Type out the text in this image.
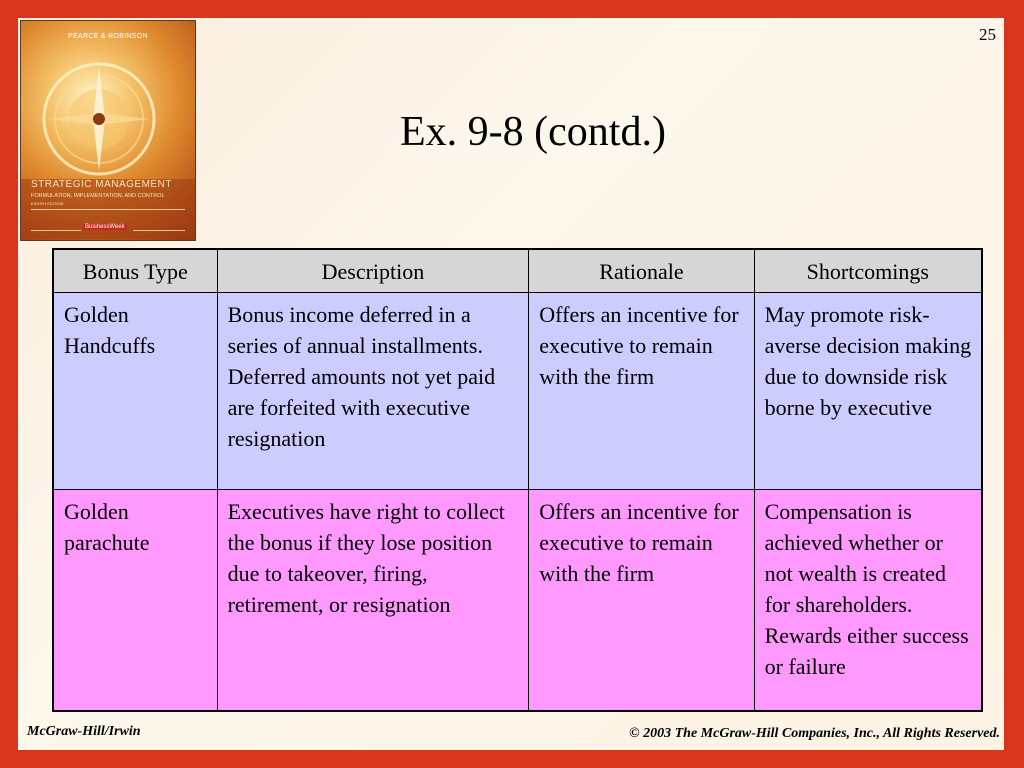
PEARCE & ROBINSON
STRATEGIC MANAGEMENT
FORMULATION, IMPLEMENTATION, AND CONTROL
EIGHTH EDITION
BusinessWeek
25
Ex. 9-8 (contd.)
Bonus Type	Description	Rationale	Shortcomings
Golden Handcuffs	Bonus income deferred in a series of annual installments. Deferred amounts not yet paid are forfeited with executive resignation	Offers an incentive for executive to remain with the firm	May promote risk-averse decision making due to downside risk borne by executive
Golden parachute	Executives have right to collect the bonus if they lose position due to takeover, firing, retirement, or resignation	Offers an incentive for executive to remain with the firm	Compensation is achieved whether or not wealth is created for shareholders. Rewards either success or failure
McGraw-Hill/Irwin	© 2003 The McGraw-Hill Companies, Inc., All Rights Reserved.
